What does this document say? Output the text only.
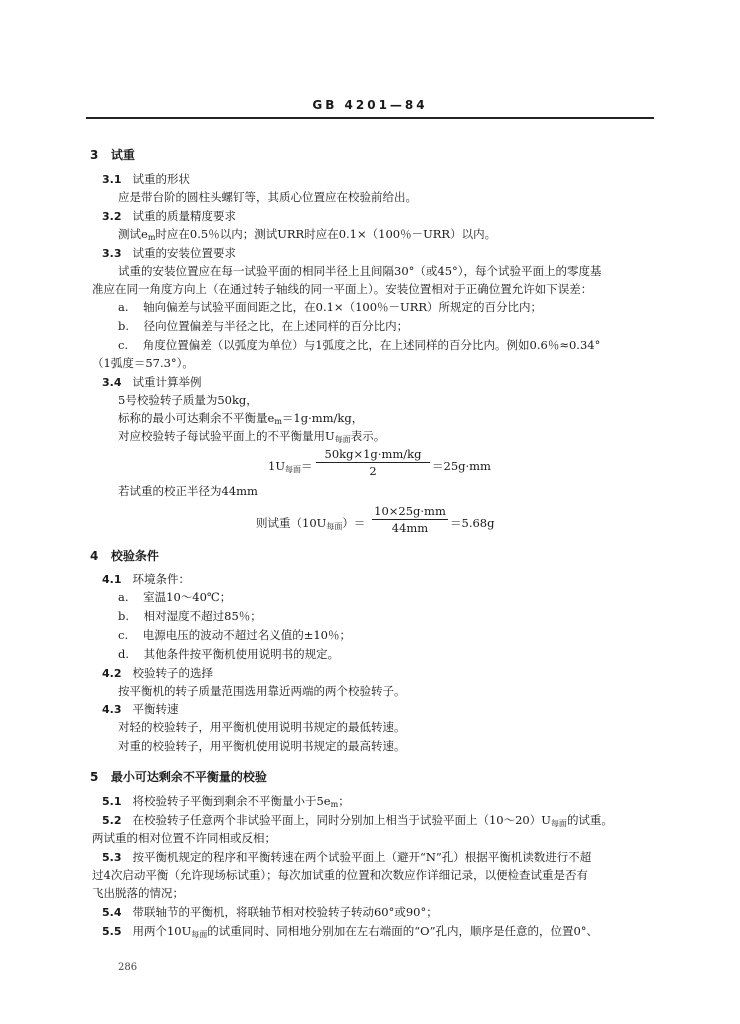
GB 4201—84
3 试重
3.1 试重的形状
应是带台阶的圆柱头螺钉等，其质心位置应在校验前给出。
3.2 试重的质量精度要求
测试$e_m$时应在0.5％以内；测试URR时应在0.1×（100％－URR）以内。
3.3 试重的安装位置要求
试重的安装位置应在每一试验平面的相同半径上且间隔30°（或45°），每个试验平面上的零度基
准应在同一角度方向上（在通过转子轴线的同一平面上）。安装位置相对于正确位置允许如下误差：
a. 轴向偏差与试验平面间距之比，在0.1×（100％－URR）所规定的百分比内；
b. 径向位置偏差与半径之比，在上述同样的百分比内；
c. 角度位置偏差（以弧度为单位）与1弧度之比，在上述同样的百分比内。例如0.6％≈0.34°
（1弧度＝57.3°）。
3.4 试重计算举例
5号校验转子质量为50kg，
标称的最小可达剩余不平衡量$e_m=1g\cdot mm/kg$，
对应校验转子每试验平面上的不平衡量用$U_{每面}$表示。
$1U_{每面}= \frac{50kg\times 1g\cdot mm/kg}{2} =25g\cdot mm$
若试重的校正半径为44mm
则试重$(10U_{每面})= \frac{10\times 25g\cdot mm}{44mm} =5.68g$
4 校验条件
4.1 环境条件：
a. 室温10～40℃；
b. 相对湿度不超过85％；
c. 电源电压的波动不超过名义值的±10％；
d. 其他条件按平衡机使用说明书的规定。
4.2 校验转子的选择
按平衡机的转子质量范围选用靠近两端的两个校验转子。
4.3 平衡转速
对轻的校验转子，用平衡机使用说明书规定的最低转速。
对重的校验转子，用平衡机使用说明书规定的最高转速。
5 最小可达剩余不平衡量的校验
5.1 将校验转子平衡到剩余不平衡量小于$5e_m$；
5.2 在校验转子任意两个非试验平面上，同时分别加上相当于试验平面上$(10\sim 20)U_{每面}$的试重。
两试重的相对位置不许同相或反相；
5.3 按平衡机规定的程序和平衡转速在两个试验平面上（避开“N”孔）根据平衡机读数进行不超
过4次启动平衡（允许现场标试重）；每次加试重的位置和次数应作详细记录，以便检查试重是否有
飞出脱落的情况；
5.4 带联轴节的平衡机，将联轴节相对校验转子转动60°或90°；
5.5 用两个$10U_{每面}$的试重同时、同相地分别加在左右端面的“O”孔内，顺序是任意的，位置0°、
286
